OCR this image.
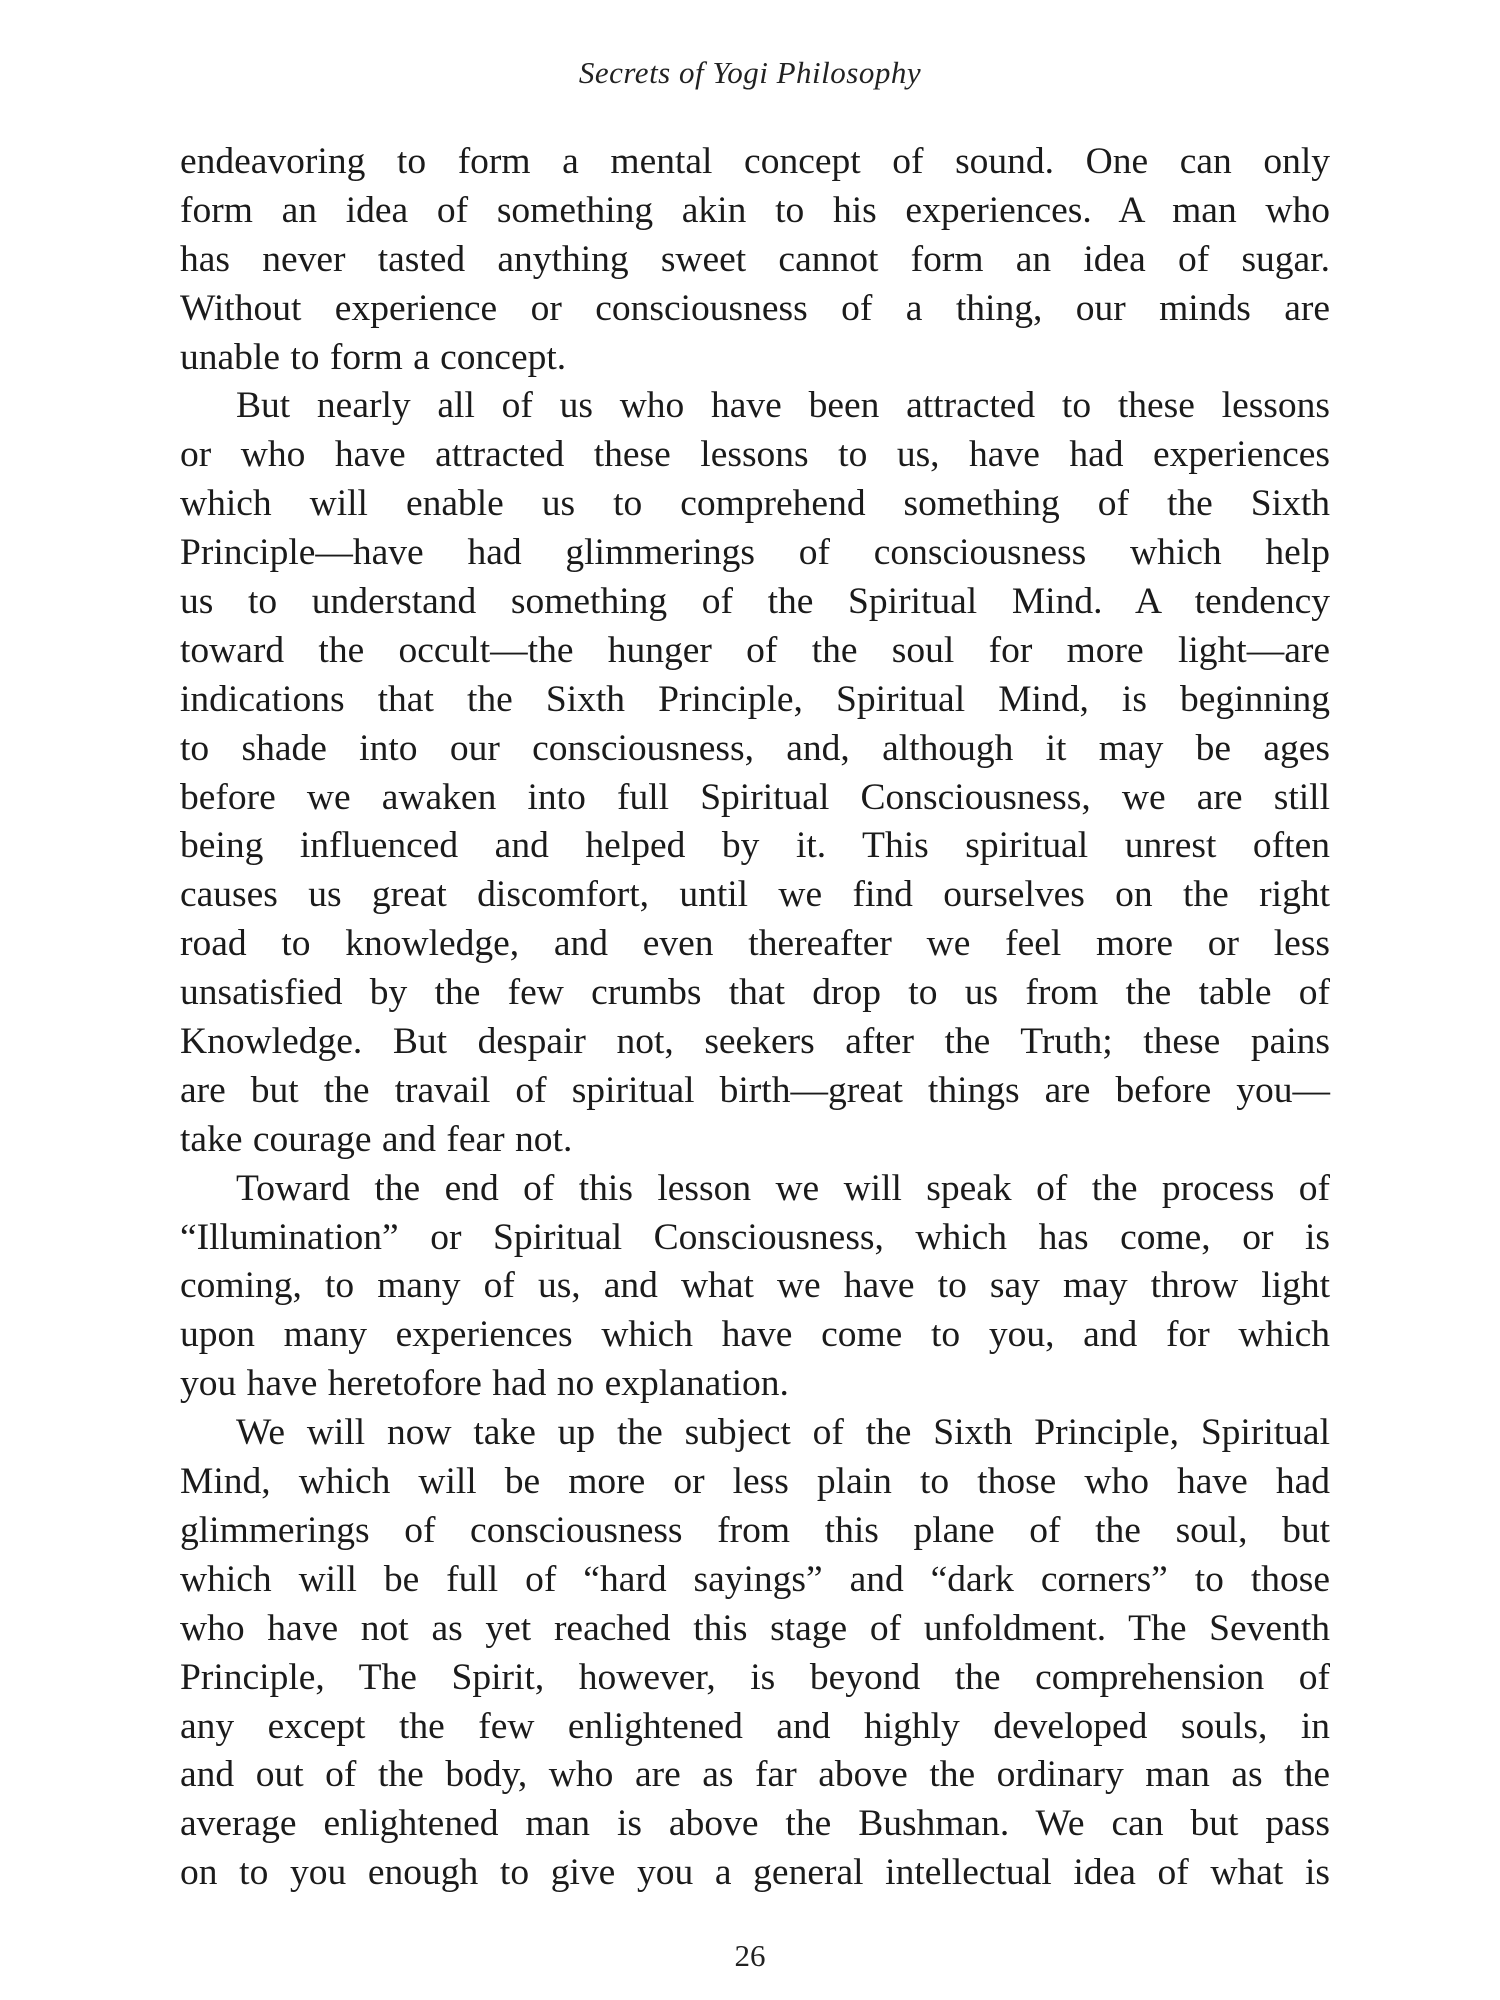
Secrets of Yogi Philosophy
endeavoring to form a mental concept of sound. One can only
form an idea of something akin to his experiences. A man who
has never tasted anything sweet cannot form an idea of sugar.
Without experience or consciousness of a thing, our minds are
unable to form a concept.
But nearly all of us who have been attracted to these lessons
or who have attracted these lessons to us, have had experiences
which will enable us to comprehend something of the Sixth
Principle—have had glimmerings of consciousness which help
us to understand something of the Spiritual Mind. A tendency
toward the occult—the hunger of the soul for more light—are
indications that the Sixth Principle, Spiritual Mind, is beginning
to shade into our consciousness, and, although it may be ages
before we awaken into full Spiritual Consciousness, we are still
being influenced and helped by it. This spiritual unrest often
causes us great discomfort, until we find ourselves on the right
road to knowledge, and even thereafter we feel more or less
unsatisfied by the few crumbs that drop to us from the table of
Knowledge. But despair not, seekers after the Truth; these pains
are but the travail of spiritual birth—great things are before you—
take courage and fear not.
Toward the end of this lesson we will speak of the process of
“Illumination” or Spiritual Consciousness, which has come, or is
coming, to many of us, and what we have to say may throw light
upon many experiences which have come to you, and for which
you have heretofore had no explanation.
We will now take up the subject of the Sixth Principle, Spiritual
Mind, which will be more or less plain to those who have had
glimmerings of consciousness from this plane of the soul, but
which will be full of “hard sayings” and “dark corners” to those
who have not as yet reached this stage of unfoldment. The Seventh
Principle, The Spirit, however, is beyond the comprehension of
any except the few enlightened and highly developed souls, in
and out of the body, who are as far above the ordinary man as the
average enlightened man is above the Bushman. We can but pass
on to you enough to give you a general intellectual idea of what is
26
